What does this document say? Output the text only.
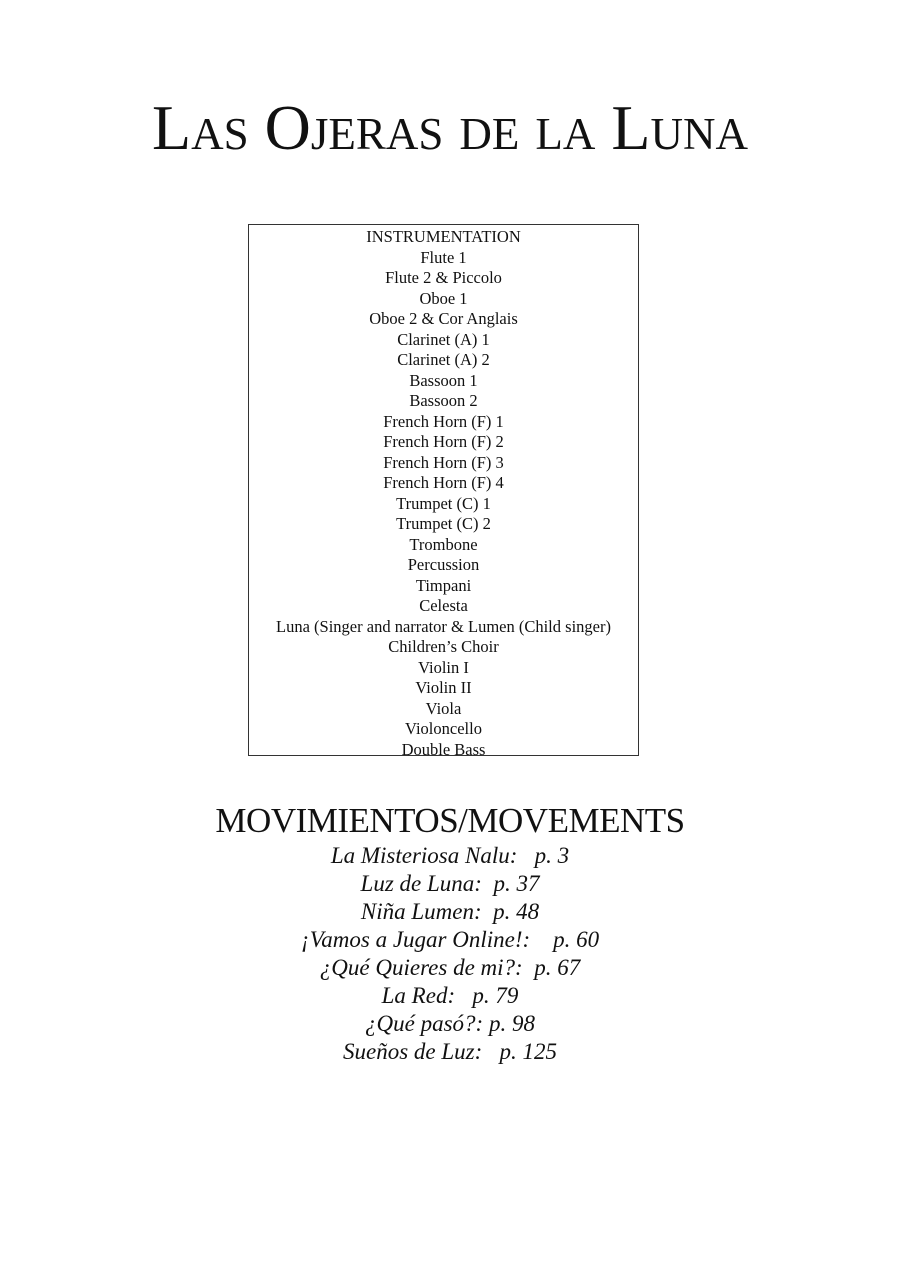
Las Ojeras de la Luna
INSTRUMENTATION
Flute 1
Flute 2 & Piccolo
Oboe 1
Oboe 2 & Cor Anglais
Clarinet (A) 1
Clarinet (A) 2
Bassoon 1
Bassoon 2
French Horn (F) 1
French Horn (F) 2
French Horn (F) 3
French Horn (F) 4
Trumpet (C) 1
Trumpet (C) 2
Trombone
Percussion
Timpani
Celesta
Luna (Singer and narrator & Lumen (Child singer)
Children’s Choir
Violin I
Violin II
Viola
Violoncello
Double Bass
MOVIMIENTOS/MOVEMENTS
La Misteriosa Nalu:   p. 3
Luz de Luna:  p. 37
Niña Lumen:  p. 48
¡Vamos a Jugar Online!:    p. 60
¿Qué Quieres de mi?:  p. 67
La Red:   p. 79
¿Qué pasó?: p. 98
Sueños de Luz:   p. 125
